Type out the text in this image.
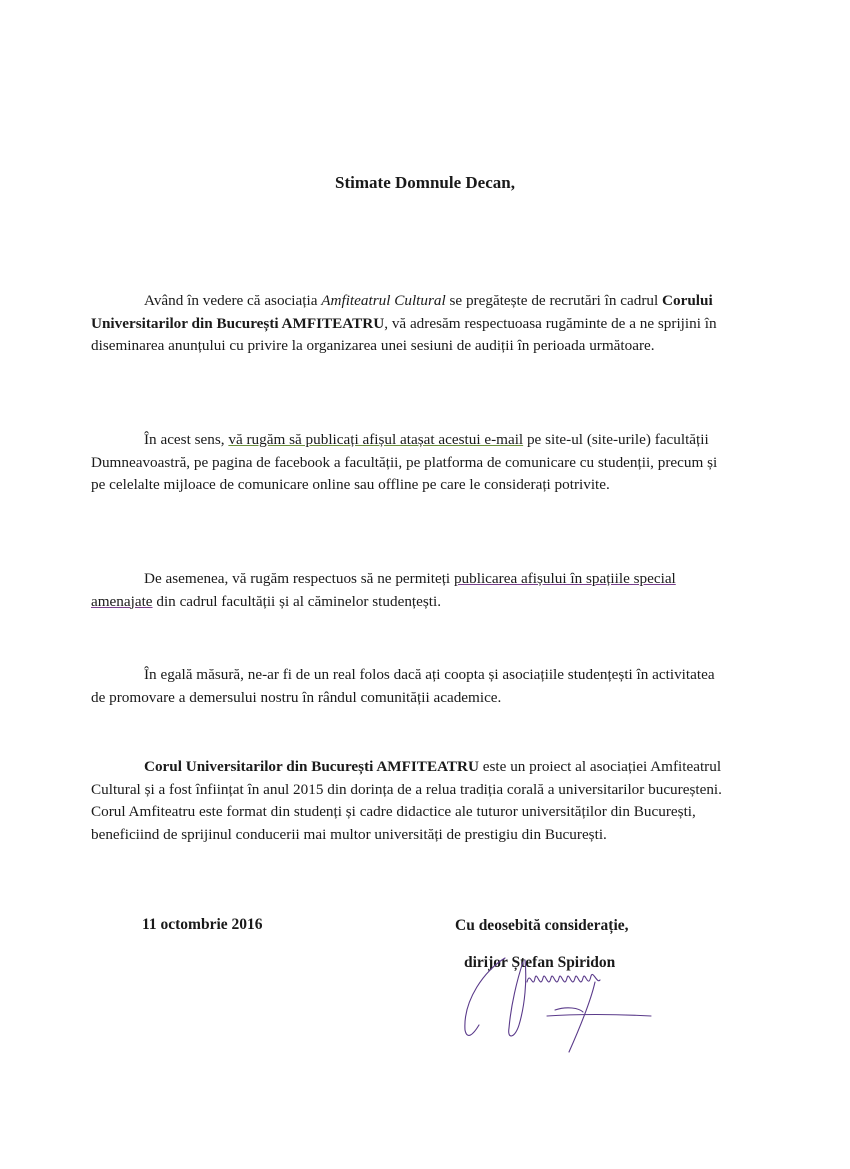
Stimate Domnule Decan,
Având în vedere că asociația Amfiteatrul Cultural se pregătește de recrutări în cadrul Corului Universitarilor din București AMFITEATRU, vă adresăm respectuoasa rugăminte de a ne sprijini în diseminarea anunțului cu privire la organizarea unei sesiuni de audiții în perioada următoare.
În acest sens, vă rugăm să publicați afișul atașat acestui e-mail pe site-ul (site-urile) facultății Dumneavoastră, pe pagina de facebook a facultății, pe platforma de comunicare cu studenții, precum și pe celelalte mijloace de comunicare online sau offline pe care le considerați potrivite.
De asemenea, vă rugăm respectuos să ne permiteți publicarea afișului în spațiile special amenajate din cadrul facultății și al căminelor studențești.
În egală măsură, ne-ar fi de un real folos dacă ați coopta și asociațiile studențești în activitatea de promovare a demersului nostru în rândul comunității academice.
Corul Universitarilor din București AMFITEATRU este un proiect al asociației Amfiteatrul Cultural și a fost înființat în anul 2015 din dorința de a relua tradiția corală a universitarilor bucureșteni. Corul Amfiteatru este format din studenți și cadre didactice ale tuturor universităților din București, beneficiind de sprijinul conducerii mai multor universități de prestigiu din București.
11 octombrie 2016	Cu deosebită considerație,
dirijor Ștefan Spiridon
